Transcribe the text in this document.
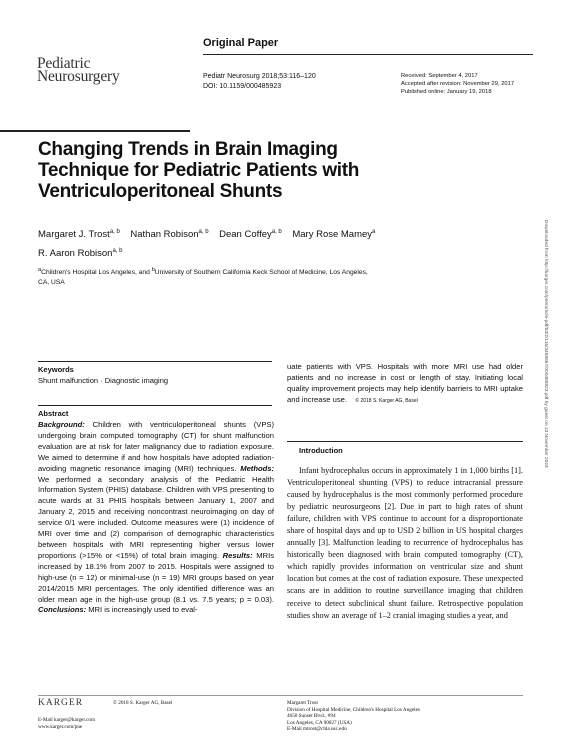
Pediatric
Neurosurgery
Original Paper
Pediatr Neurosurg 2018;53:116–120
DOI: 10.1159/000485923
Received: September 4, 2017
Accepted after revision: November 29, 2017
Published online: January 19, 2018
Changing Trends in Brain Imaging Technique for Pediatric Patients with Ventriculoperitoneal Shunts
Margaret J. Trost$^{a, b}$ Nathan Robison$^{a, b}$ Dean Coffey$^{a, b}$ Mary Rose Mamey$^a$
R. Aaron Robison$^{a, b}$
$^a$Children's Hospital Los Angeles, and $^b$University of Southern California Keck School of Medicine, Los Angeles, CA, USA	Downloaded from http://karger.com/pne/article-pdf/53/2/116/3458867/000485923.pdf by guest on 13 November 2024
Keywords
Shunt malfunction · Diagnostic imaging
Abstract
Background: Children with ventriculoperitoneal shunts (VPS) undergoing brain computed tomography (CT) for shunt malfunction evaluation are at risk for later malignancy due to radiation exposure. We aimed to determine if and how hospitals have adopted radiation-avoiding magnetic resonance imaging (MRI) techniques. Methods: We performed a secondary analysis of the Pediatric Health Information System (PHIS) database. Children with VPS presenting to acute wards at 31 PHIS hospitals between January 1, 2007 and January 2, 2015 and receiving noncontrast neuroimaging on day of service 0/1 were included. Outcome measures were (1) incidence of MRI over time and (2) comparison of demographic characteristics between hospitals with MRI representing higher versus lower proportions (>15% or <15%) of total brain imaging. Results: MRIs increased by 18.1% from 2007 to 2015. Hospitals were assigned to high-use (n = 12) or minimal-use (n = 19) MRI groups based on year 2014/2015 MRI percentages. The only identified difference was an older mean age in the high-use group (8.1 vs. 7.5 years; p = 0.03). Conclusions: MRI is increasingly used to eval-
uate patients with VPS. Hospitals with more MRI use had older patients and no increase in cost or length of stay. Initiating local quality improvement projects may help identify barriers to MRI uptake and increase use.    © 2018 S. Karger AG, Basel
Introduction
Infant hydrocephalus occurs in approximately 1 in 1,000 births [1]. Ventriculoperitoneal shunting (VPS) to reduce intracranial pressure caused by hydrocephalus is the most commonly performed procedure by pediatric neurosurgeons [2]. Due in part to high rates of shunt failure, children with VPS continue to account for a disproportionate share of hospital days and up to USD 2 billion in US hospital charges annually [3]. Malfunction leading to recurrence of hydrocephalus has historically been diagnosed with brain computed tomography (CT), which rapidly provides information on ventricular size and shunt location but comes at the cost of radiation exposure. These unexpected scans are in addition to routine surveillance imaging that children receive to detect subclinical shunt failure. Retrospective population studies show an average of 1–2 cranial imaging studies a year, and
KARGER	© 2018 S. Karger AG, Basel
E-Mail karger@karger.com
www.karger.com/pne
Margaret Trost
Division of Hospital Medicine, Children's Hospital Los Angeles
4650 Sunset Blvd., #94
Los Angeles, CA 90027 (USA)
E-Mail mtrost@chla.usc.edu
